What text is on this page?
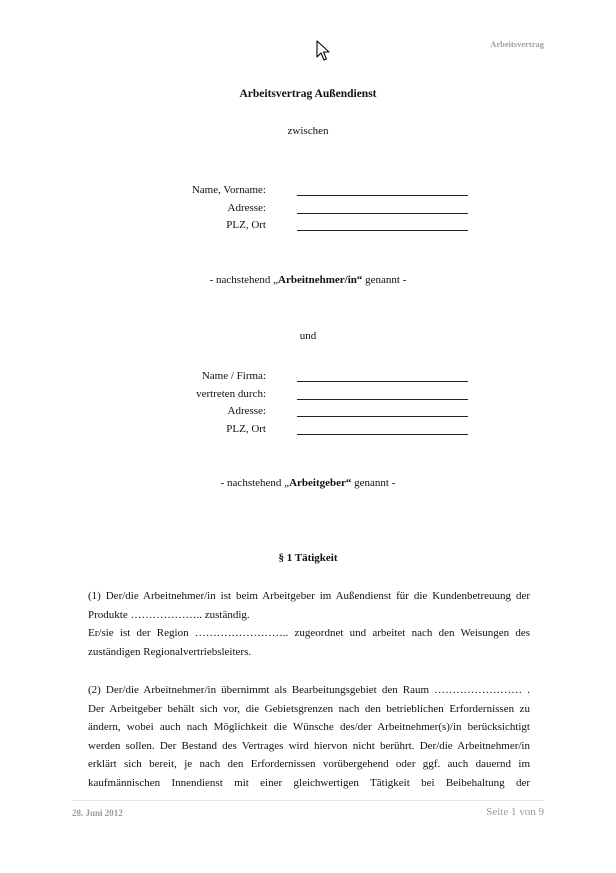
Arbeitsvertrag
Arbeitsvertrag Außendienst
zwischen
Name, Vorname:
Adresse:
PLZ, Ort
- nachstehend „Arbeitnehmer/in“ genannt -
und
Name / Firma:
vertreten durch:
Adresse:
PLZ, Ort
- nachstehend „Arbeitgeber“ genannt -
§ 1 Tätigkeit

(1) Der/die Arbeitnehmer/in ist beim Arbeitgeber im Außendienst für die Kundenbetreuung der

Produkte ……………….. zuständig.

Er/sie ist der Region …………………….. zugeordnet und arbeitet nach den Weisungen des

zuständigen Regionalvertriebsleiters.

(2) Der/die Arbeitnehmer/in übernimmt als Bearbeitungsgebiet den Raum …………………… .

Der Arbeitgeber behält sich vor, die Gebietsgrenzen nach den betrieblichen Erfordernissen zu

ändern, wobei auch nach Möglichkeit die Wünsche des/der Arbeitnehmer(s)/in berücksichtigt

werden sollen. Der Bestand des Vertrages wird hiervon nicht berührt. Der/die Arbeitnehmer/in

erklärt sich bereit, je nach den Erfordernissen vorübergehend oder ggf. auch dauernd im

kaufmännischen Innendienst mit einer gleichwertigen Tätigkeit bei Beibehaltung der

28. Juni 2012	Seite 1 von 9
